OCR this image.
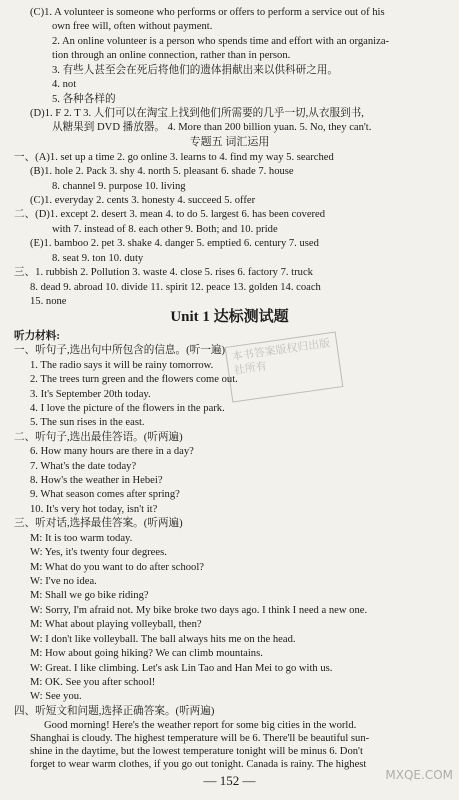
(C)1. A volunteer is someone who performs or offers to perform a service out of his
own free will, often without payment.
2. An online volunteer is a person who spends time and effort with an organiza-
tion through an online connection, rather than in person.
3. 有些人甚至会在死后将他们的遗体捐献出来以供科研之用。
4. not
5. 各种各样的
(D)1. F 2. T 3. 人们可以在淘宝上找到他们所需要的几乎一切,从衣服到书,
从糖果到 DVD 播放器。 4. More than 200 billion yuan. 5. No, they can't.
专题五 词汇运用
一、(A)1. set up a time 2. go online 3. learns to 4. find my way 5. searched
(B)1. hole 2. Pack 3. shy 4. north 5. pleasant 6. shade 7. house
8. channel 9. purpose 10. living
(C)1. everyday 2. cents 3. honesty 4. succeed 5. offer
二、(D)1. except 2. desert 3. mean 4. to do 5. largest 6. has been covered
with 7. instead of 8. each other 9. Both; and 10. pride
(E)1. bamboo 2. pet 3. shake 4. danger 5. emptied 6. century 7. used
8. seat 9. ton 10. duty
三、1. rubbish 2. Pollution 3. waste 4. close 5. rises 6. factory 7. truck
8. dead 9. abroad 10. divide 11. spirit 12. peace 13. golden 14. coach
15. none
Unit 1 达标测试题
听力材料:
一、听句子,选出句中所包含的信息。(听一遍)
1. The radio says it will be rainy tomorrow.
2. The trees turn green and the flowers come out.
3. It's September 20th today.
4. I love the picture of the flowers in the park.
5. The sun rises in the east.
二、听句子,选出最佳答语。(听两遍)
6. How many hours are there in a day?
7. What's the date today?
8. How's the weather in Hebei?
9. What season comes after spring?
10. It's very hot today, isn't it?
三、听对话,选择最佳答案。(听两遍)
M: It is too warm today.
W: Yes, it's twenty four degrees.
M: What do you want to do after school?
W: I've no idea.
M: Shall we go bike riding?
W: Sorry, I'm afraid not. My bike broke two days ago. I think I need a new one.
M: What about playing volleyball, then?
W: I don't like volleyball. The ball always hits me on the head.
M: How about going hiking? We can climb mountains.
W: Great. I like climbing. Let's ask Lin Tao and Han Mei to go with us.
M: OK. See you after school!
W: See you.
四、听短文和问题,选择正确答案。(听两遍)
Good morning! Here's the weather report for some big cities in the world.
Shanghai is cloudy. The highest temperature will be 6. There'll be beautiful sun-
shine in the daytime, but the lowest temperature tonight will be minus 6. Don't
forget to wear warm clothes, if you go out tonight. Canada is rainy. The highest
— 152 —
本书答案版权归出版社所有
MXQE.COM
